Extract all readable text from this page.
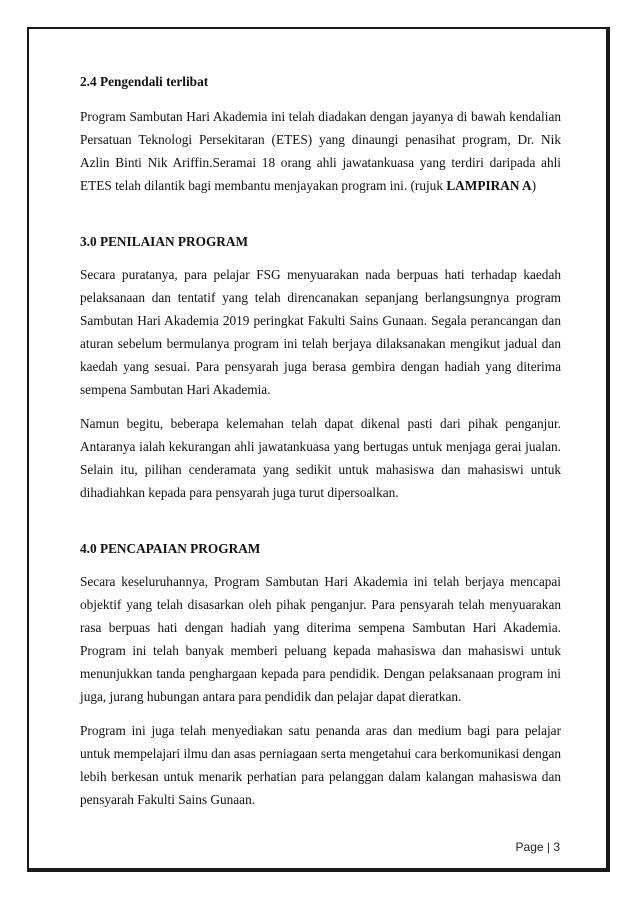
2.4 Pengendali terlibat

Program Sambutan Hari Akademia ini telah diadakan dengan jayanya di bawah kendalian Persatuan Teknologi Persekitaran (ETES) yang dinaungi penasihat program, Dr. Nik Azlin Binti Nik Ariffin.Seramai 18 orang ahli jawatankuasa yang terdiri daripada ahli ETES telah dilantik bagi membantu menjayakan program ini. (rujuk LAMPIRAN A)

3.0 PENILAIAN PROGRAM

Secara puratanya, para pelajar FSG menyuarakan nada berpuas hati terhadap kaedah pelaksanaan dan tentatif yang telah direncanakan sepanjang berlangsungnya program Sambutan Hari Akademia 2019 peringkat Fakulti Sains Gunaan. Segala perancangan dan aturan sebelum bermulanya program ini telah berjaya dilaksanakan mengikut jadual dan kaedah yang sesuai. Para pensyarah juga berasa gembira dengan hadiah yang diterima sempena Sambutan Hari Akademia.

Namun begitu, beberapa kelemahan telah dapat dikenal pasti dari pihak penganjur. Antaranya ialah kekurangan ahli jawatankuasa yang bertugas untuk menjaga gerai jualan. Selain itu, pilihan cenderamata yang sedikit untuk mahasiswa dan mahasiswi untuk dihadiahkan kepada para pensyarah juga turut dipersoalkan.

4.0 PENCAPAIAN PROGRAM

Secara keseluruhannya, Program Sambutan Hari Akademia ini telah berjaya mencapai objektif yang telah disasarkan oleh pihak penganjur. Para pensyarah telah menyuarakan rasa berpuas hati dengan hadiah yang diterima sempena Sambutan Hari Akademia. Program ini telah banyak memberi peluang kepada mahasiswa dan mahasiswi untuk menunjukkan tanda penghargaan kepada para pendidik. Dengan pelaksanaan program ini juga, jurang hubungan antara para pendidik dan pelajar dapat dieratkan.

Program ini juga telah menyediakan satu penanda aras dan medium bagi para pelajar untuk mempelajari ilmu dan asas perniagaan serta mengetahui cara berkomunikasi dengan lebih berkesan untuk menarik perhatian para pelanggan dalam kalangan mahasiswa dan pensyarah Fakulti Sains Gunaan.

Page | 3
